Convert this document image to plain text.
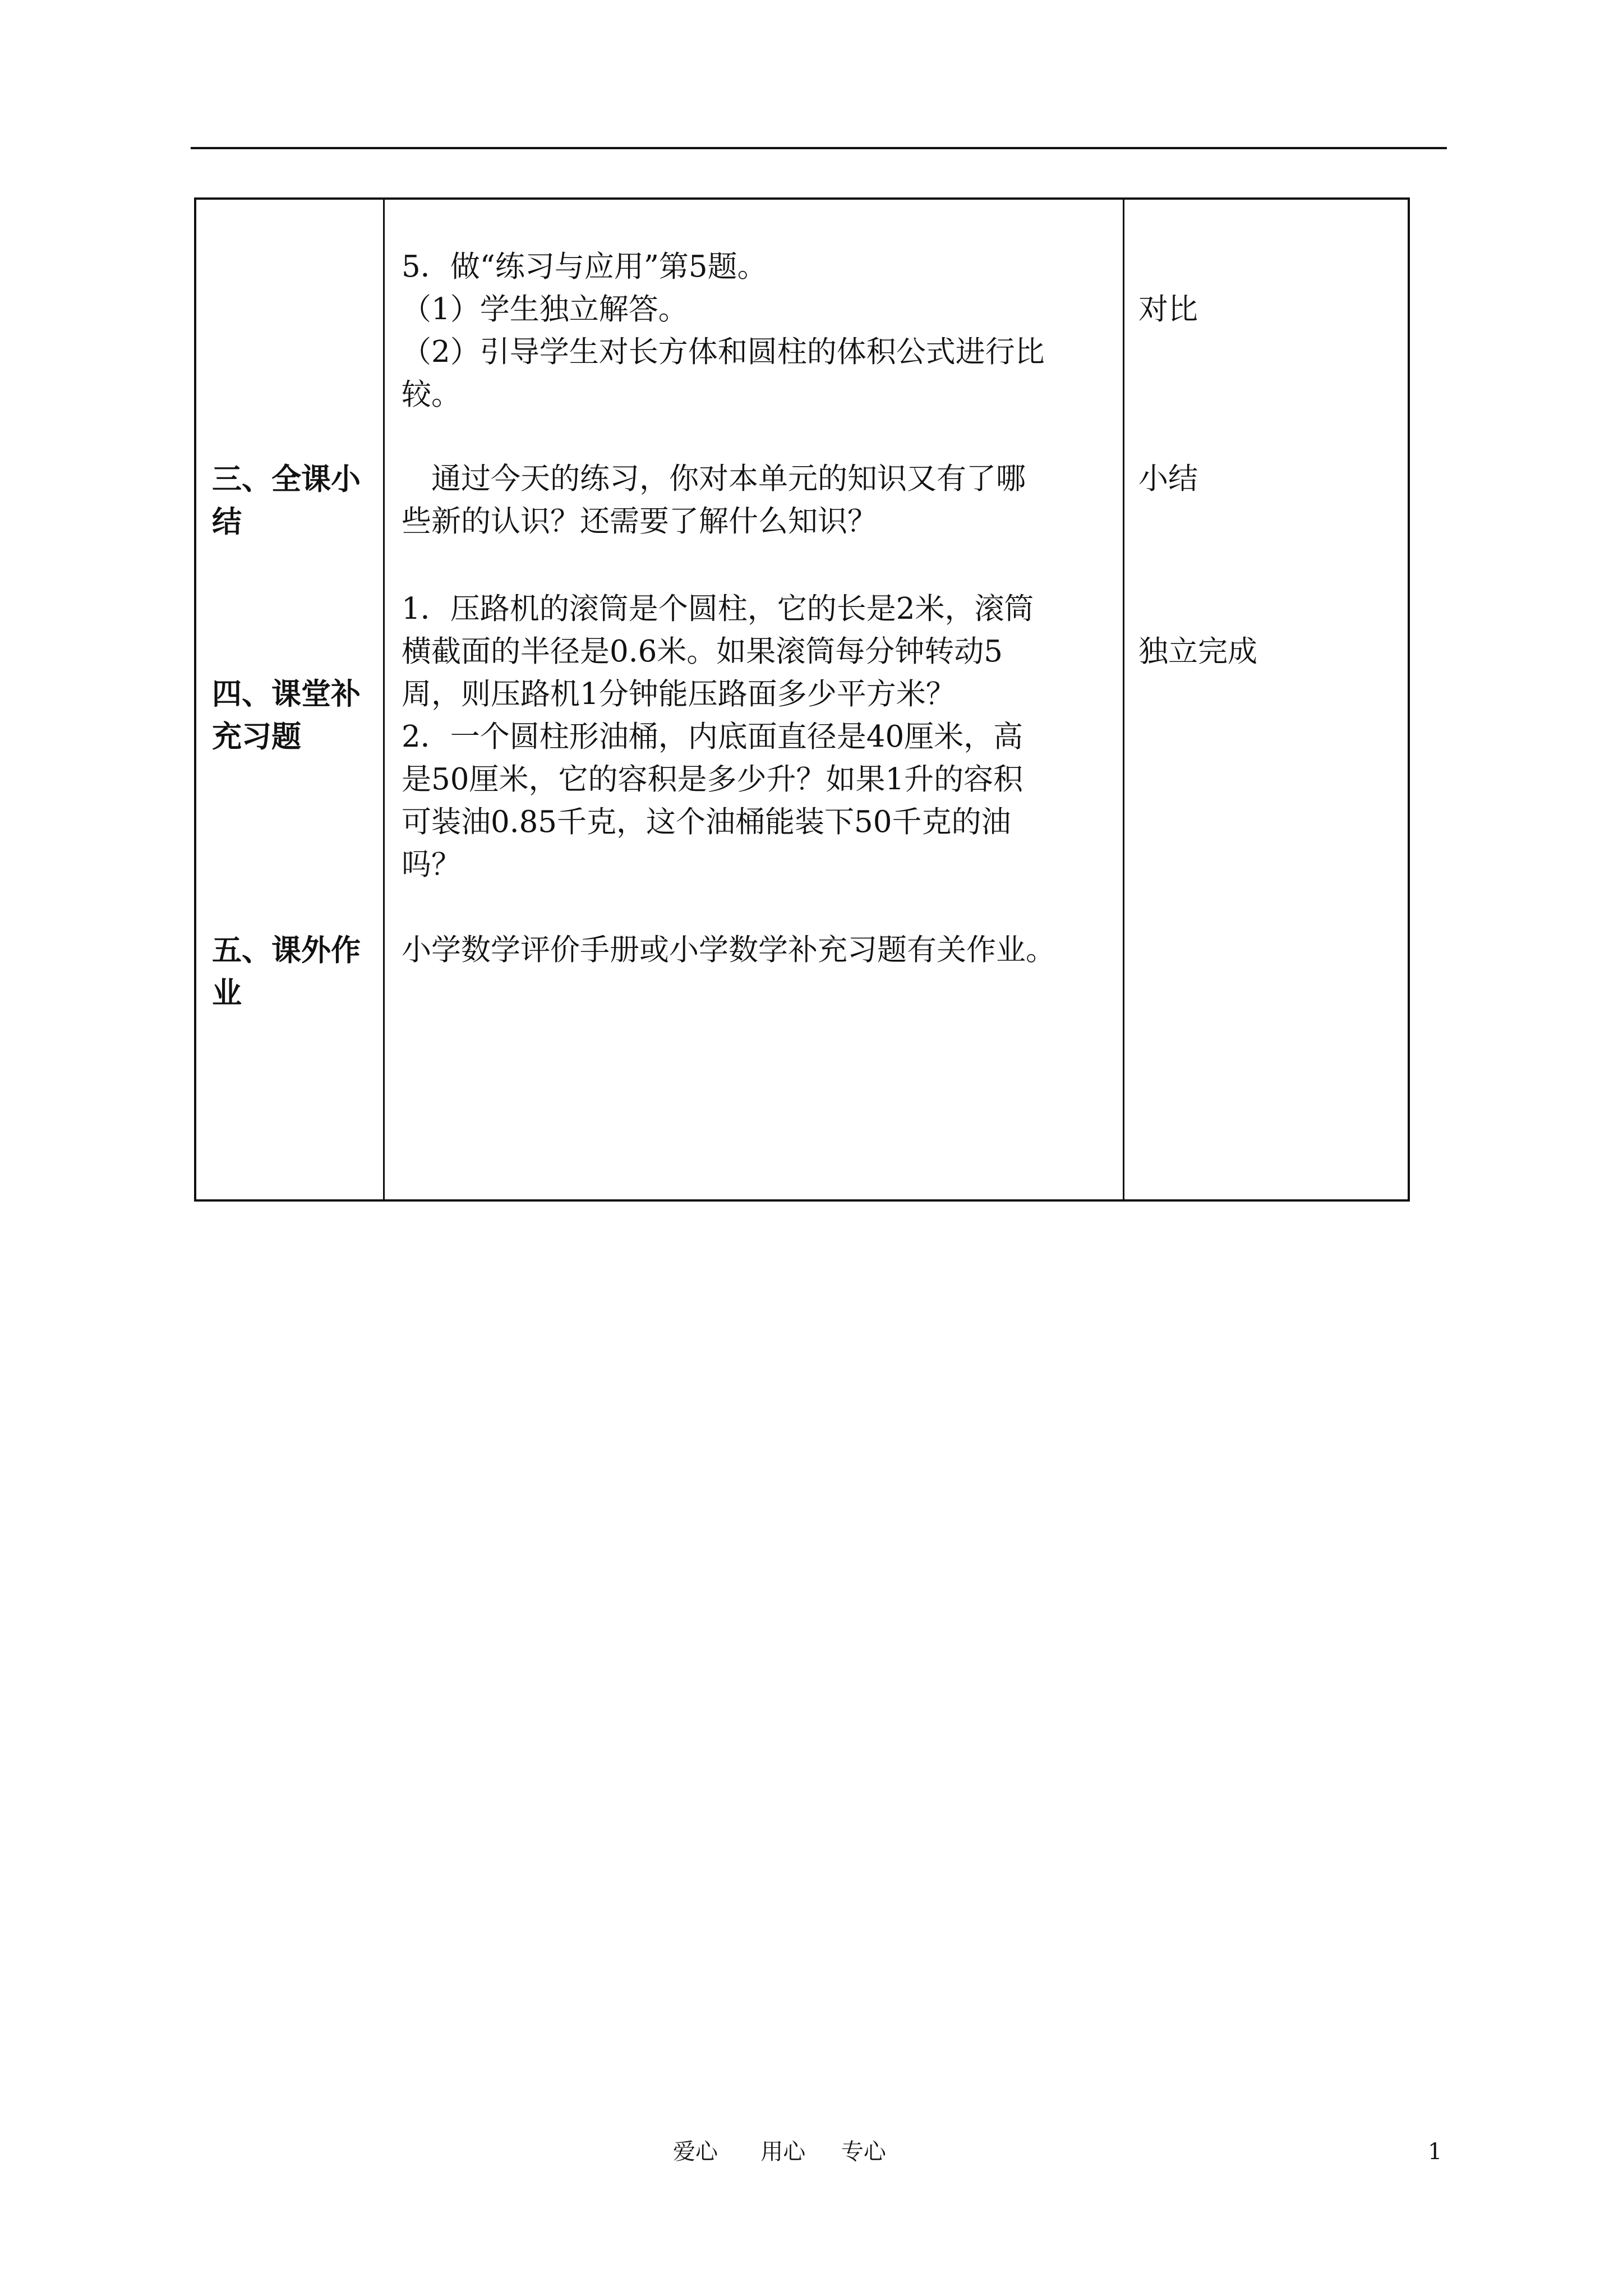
5．做“练习与应用”第5题。
（1）学生独立解答。
（2）引导学生对长方体和圆柱的体积公式进行比
较。
对比
三、全课小
结
　通过今天的练习，你对本单元的知识又有了哪
些新的认识？还需要了解什么知识？
小结
四、课堂补
充习题
1．压路机的滚筒是个圆柱，它的长是2米，滚筒
横截面的半径是0.6米。如果滚筒每分钟转动5
周，则压路机1分钟能压路面多少平方米？
2．一个圆柱形油桶，内底面直径是40厘米，高
是50厘米，它的容积是多少升？如果1升的容积
可装油0.85千克，这个油桶能装下50千克的油
吗？
独立完成
五、课外作
业
小学数学评价手册或小学数学补充习题有关作业。
爱心      用心     专心	1
